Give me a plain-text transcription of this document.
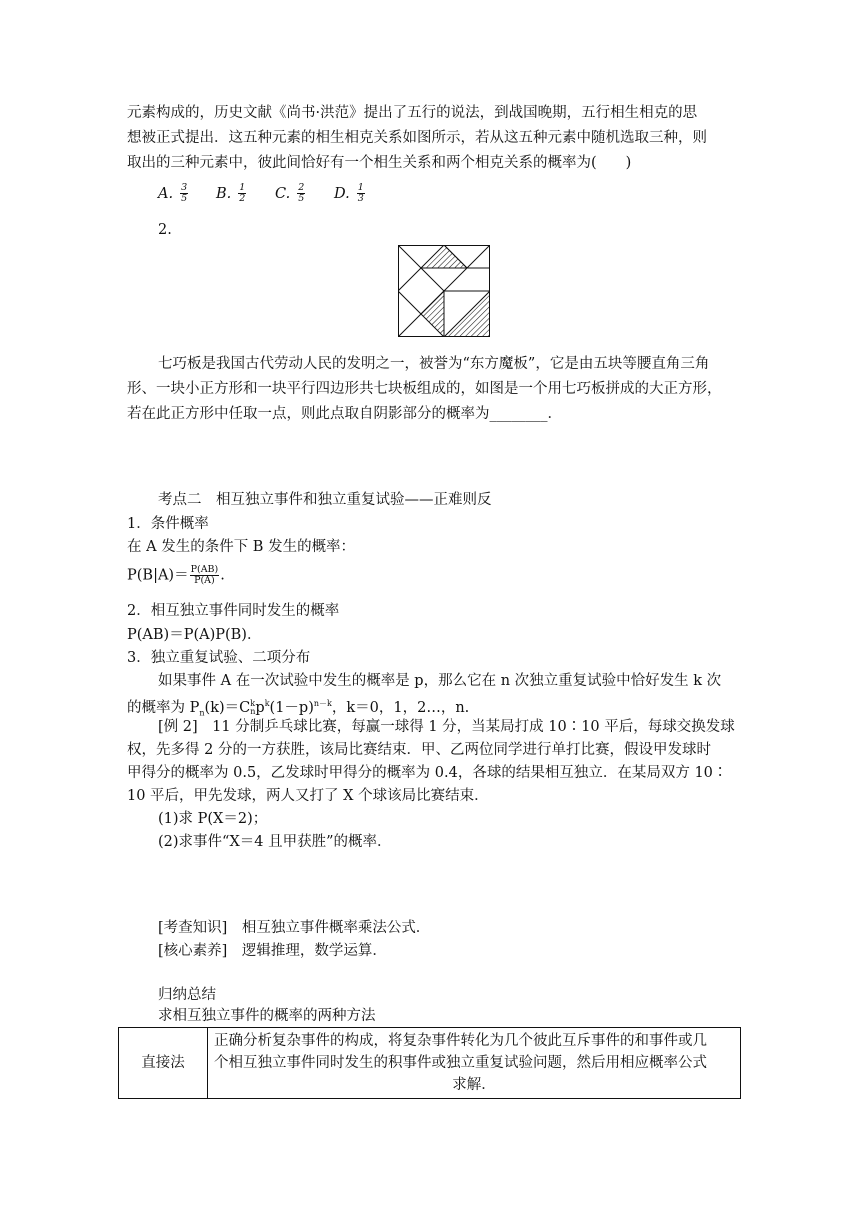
元素构成的，历史文献《尚书·洪范》提出了五行的说法，到战国晚期，五行相生相克的思
想被正式提出．这五种元素的相生相克关系如图所示，若从这五种元素中随机选取三种，则
取出的三种元素中，彼此间恰好有一个相生关系和两个相克关系的概率为(　　)
A. $\frac{3}{5} B$. $\frac{1}{2} C$. $\frac{2}{5} D$. $\frac{1}{3}$
2.
七巧板是我国古代劳动人民的发明之一，被誉为“东方魔板”，它是由五块等腰直角三角
形、一块小正方形和一块平行四边形共七块板组成的，如图是一个用七巧板拼成的大正方形，
若在此正方形中任取一点，则此点取自阴影部分的概率为________．
考点二　相互独立事件和独立重复试验——正难则反
1．条件概率
在 A 发生的条件下 B 发生的概率：
$P(B|A)= \frac{P(AB)}{P(A)}$ .
2．相互独立事件同时发生的概率
P(AB)＝P(A)P(B)．
3．独立重复试验、二项分布
如果事件 A 在一次试验中发生的概率是 p，那么它在 n 次独立重复试验中恰好发生 k 次
的概率为 $P_n(k)=C$ k
n $p^k(1-p)^{n-k}$，k＝0，1，2…，n.
[例 2]　11 分制乒乓球比赛，每赢一球得 1 分，当某局打成 10∶10 平后，每球交换发球
权，先多得 2 分的一方获胜，该局比赛结束．甲、乙两位同学进行单打比赛，假设甲发球时
甲得分的概率为 0.5，乙发球时甲得分的概率为 0.4，各球的结果相互独立．在某局双方 10∶
10 平后，甲先发球，两人又打了 X 个球该局比赛结束．
(1)求 P(X＝2)；
(2)求事件“X＝4 且甲获胜”的概率．
[考查知识]　相互独立事件概率乘法公式．
[核心素养]　逻辑推理，数学运算．
归纳总结
求相互独立事件的概率的两种方法
直接法	
正确分析复杂事件的构成，将复杂事件转化为几个彼此互斥事件的和事件或几
个相互独立事件同时发生的积事件或独立重复试验问题，然后用相应概率公式
求解．
